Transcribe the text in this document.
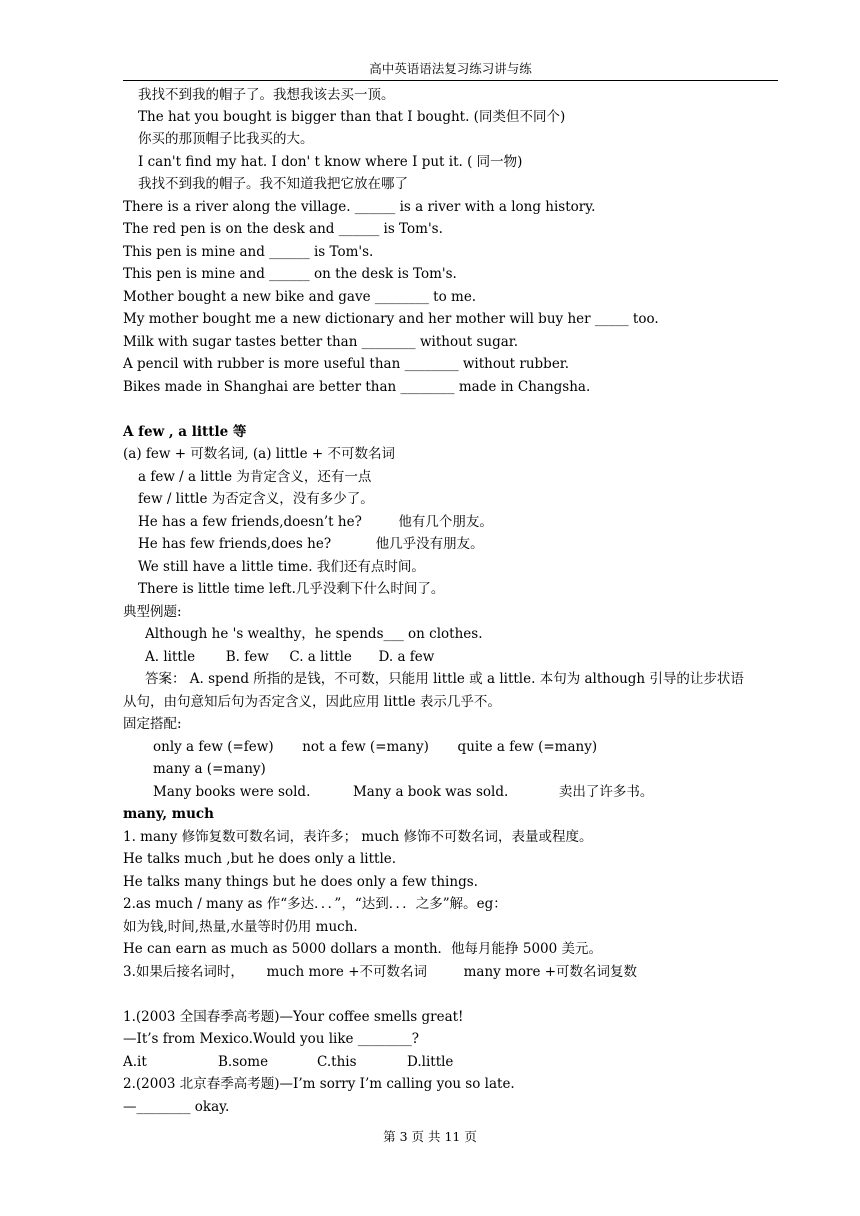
高中英语语法复习练习讲与练
我找不到我的帽子了。我想我该去买一顶。
The hat you bought is bigger than that I bought. (同类但不同个)
你买的那顶帽子比我买的大。
I can't find my hat. I don' t know where I put it. ( 同一物)
我找不到我的帽子。我不知道我把它放在哪了
There is a river along the village. ______ is a river with a long history.
The red pen is on the desk and ______ is Tom's.
This pen is mine and ______ is Tom's.
This pen is mine and ______ on the desk is Tom's.
Mother bought a new bike and gave ________ to me.
My mother bought me a new dictionary and her mother will buy her _____ too.
Milk with sugar tastes better than ________ without sugar.
A pencil with rubber is more useful than ________ without rubber.
Bikes made in Shanghai are better than ________ made in Changsha.
A few , a little 等
(a) few + 可数名词, (a) little + 不可数名词
a few / a little 为肯定含义，还有一点
few / little 为否定含义，没有多少了。
He has a few friends,doesn’t he?	他有几个朋友。
He has few friends,does he?	他几乎没有朋友。
We still have a little time. 我们还有点时间。
There is little time left.几乎没剩下什么时间了。
典型例题:
Although he 's wealthy，he spends___ on clothes.
A. little B. few C. a little D. a few
答案： A. spend 所指的是钱，不可数，只能用 little 或 a little. 本句为 although 引导的让步状语
从句，由句意知后句为否定含义，因此应用 little 表示几乎不。
固定搭配:
only a few (=few) not a few (=many) quite a few (=many)
many a (=many)
Many books were sold.	Many a book was sold.	卖出了许多书。
many, much
1. many 修饰复数可数名词，表许多； much 修饰不可数名词，表量或程度。
He talks much ,but he does only a little.
He talks many things but he does only a few things.
2.as much / many as 作“多达．．．”，“达到．．．之多”解。eg：
如为钱,时间,热量,水量等时仍用 much.
He can earn as much as 5000 dollars a month．他每月能挣 5000 美元。
3.如果后接名词时， much more +不可数名词	many more +可数名词复数
1.(2003 全国春季高考题)—Your coffee smells great!
—It’s from Mexico.Would you like ________?
A.it	B.some	C.this	D.little
2.(2003 北京春季高考题)—I’m sorry I’m calling you so late.
—________ okay.
第 3 页 共 11 页
